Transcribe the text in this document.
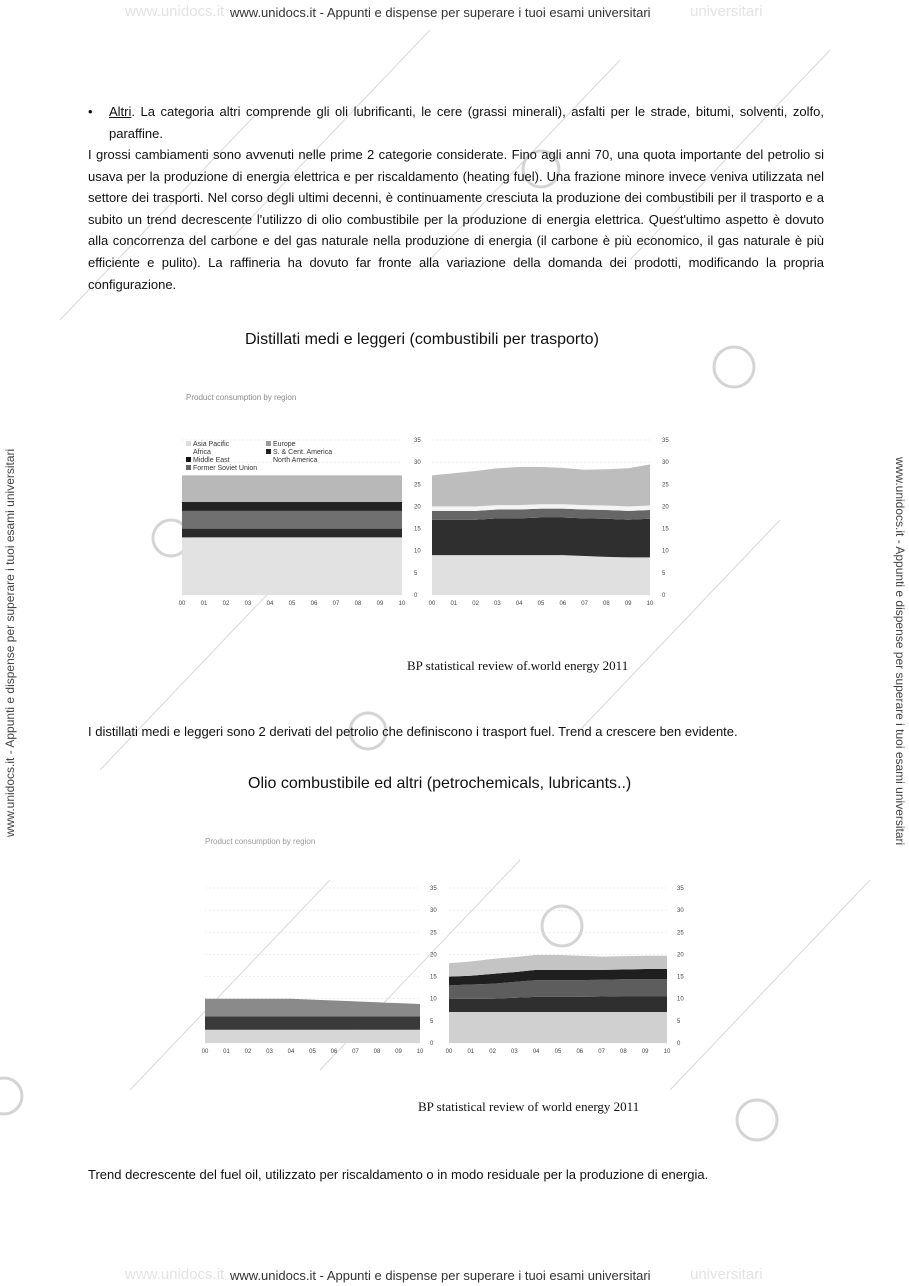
www.unidocs.it - Appunti e dispense per superare i tuoi esami universitari
www.unidocs.it	universitari
www.unidocs.it - Appunti e dispense per superare i tuoi esami universitari
www.unidocs.it	universitari
www.unidocs.it - Appunti e dispense per superare i tuoi esami universitari	www.unidocs.it - Appunti e dispense per superare i tuoi esami universitari
• Altri. La categoria altri comprende gli oli lubrificanti, le cere (grassi minerali), asfalti per le strade, bitumi, solventi, zolfo, paraffine.
I grossi cambiamenti sono avvenuti nelle prime 2 categorie considerate. Fino agli anni 70, una quota importante del petrolio si usava per la produzione di energia elettrica e per riscaldamento (heating fuel). Una frazione minore invece veniva utilizzata nel settore dei trasporti. Nel corso degli ultimi decenni, è continuamente cresciuta la produzione dei combustibili per il trasporto e a subito un trend decrescente l'utilizzo di olio combustibile per la produzione di energia elettrica. Quest'ultimo aspetto è dovuto alla concorrenza del carbone e del gas naturale nella produzione di energia (il carbone è più economico, il gas naturale è più efficiente e pulito). La raffineria ha dovuto far fronte alla variazione della domanda dei prodotti, modificando la propria configurazione.
Distillati medi e leggeri (combustibili per trasporto)
Product consumption by region
Asia Pacific
Africa
Middle East
Former Soviet Union
Europe
S. & Cent. America
North America
00	01	02	03	04	05	06	07	08	09	10
0
5
10
15
20
25
30
35
00	01	02	03	04	05	06	07	08	09	10
0
5
10
15
20
25
30
35
BP statistical review of.world energy 2011
I distillati medi e leggeri sono 2 derivati del petrolio che definiscono i trasport fuel. Trend a crescere ben evidente.
Olio combustibile ed altri (petrochemicals, lubricants..)
Product consumption by region
00 01 02 03 04 05 06 07 08 09 10
0
5
10
15
20
25
30
35
00	01	02	03	04	05	06	07	08	09	10
0
5
10
15
20
25
30
35
BP statistical review of world energy 2011
Trend decrescente del fuel oil, utilizzato per riscaldamento o in modo residuale per la produzione di energia.
